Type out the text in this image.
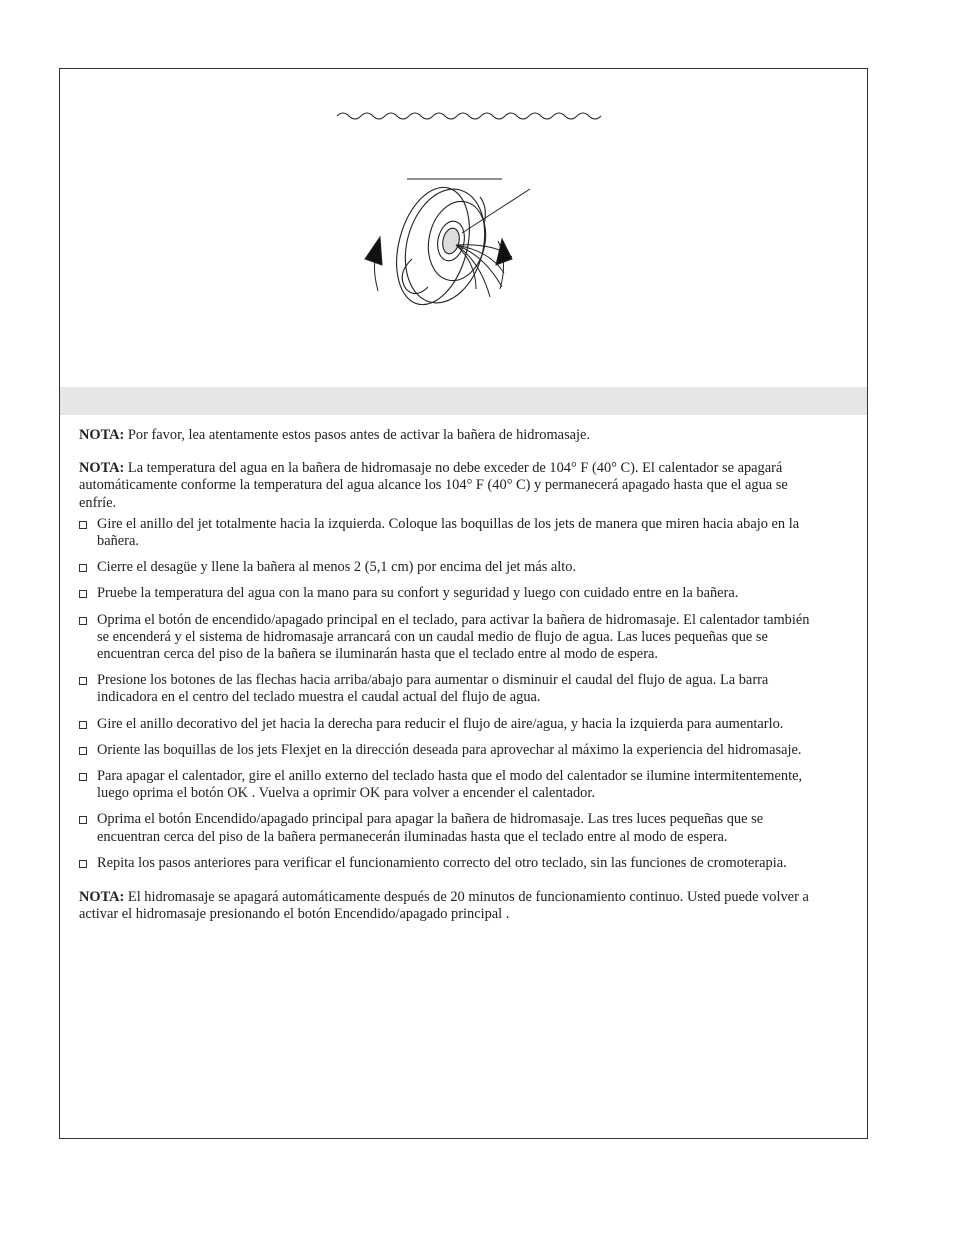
NOTA: Por favor, lea atentamente estos pasos antes de activar la bañera de hidromasaje.

NOTA: La temperatura del agua en la bañera de hidromasaje no debe exceder de 104° F (40° C). El calentador se apagará automáticamente conforme la temperatura del agua alcance los 104° F (40° C) y permanecerá apagado hasta que el agua se enfríe.

Gire el anillo del jet totalmente hacia la izquierda. Coloque las boquillas de los jets de manera que miren hacia abajo en la bañera.
Cierre el desagüe y llene la bañera al menos 2 (5,1 cm) por encima del jet más alto.
Pruebe la temperatura del agua con la mano para su confort y seguridad y luego con cuidado entre en la bañera.
Oprima el botón de encendido/apagado principal en el teclado, para activar la bañera de hidromasaje. El calentador también se encenderá y el sistema de hidromasaje arrancará con un caudal medio de flujo de agua. Las luces pequeñas que se encuentran cerca del piso de la bañera se iluminarán hasta que el teclado entre al modo de espera.
Presione los botones de las flechas hacia arriba/abajo para aumentar o disminuir el caudal del flujo de agua. La barra indicadora en el centro del teclado muestra el caudal actual del flujo de agua.
Gire el anillo decorativo del jet hacia la derecha para reducir el flujo de aire/agua, y hacia la izquierda para aumentarlo.
Oriente las boquillas de los jets Flexjet en la dirección deseada para aprovechar al máximo la experiencia del hidromasaje.
Para apagar el calentador, gire el anillo externo del teclado hasta que el modo del calentador se ilumine intermitentemente, luego oprima el botón OK . Vuelva a oprimir OK para volver a encender el calentador.
Oprima el botón Encendido/apagado principal para apagar la bañera de hidromasaje. Las tres luces pequeñas que se encuentran cerca del piso de la bañera permanecerán iluminadas hasta que el teclado entre al modo de espera.
Repita los pasos anteriores para verificar el funcionamiento correcto del otro teclado, sin las funciones de cromoterapia.

NOTA: El hidromasaje se apagará automáticamente después de 20 minutos de funcionamiento continuo. Usted puede volver a activar el hidromasaje presionando el botón Encendido/apagado principal .
